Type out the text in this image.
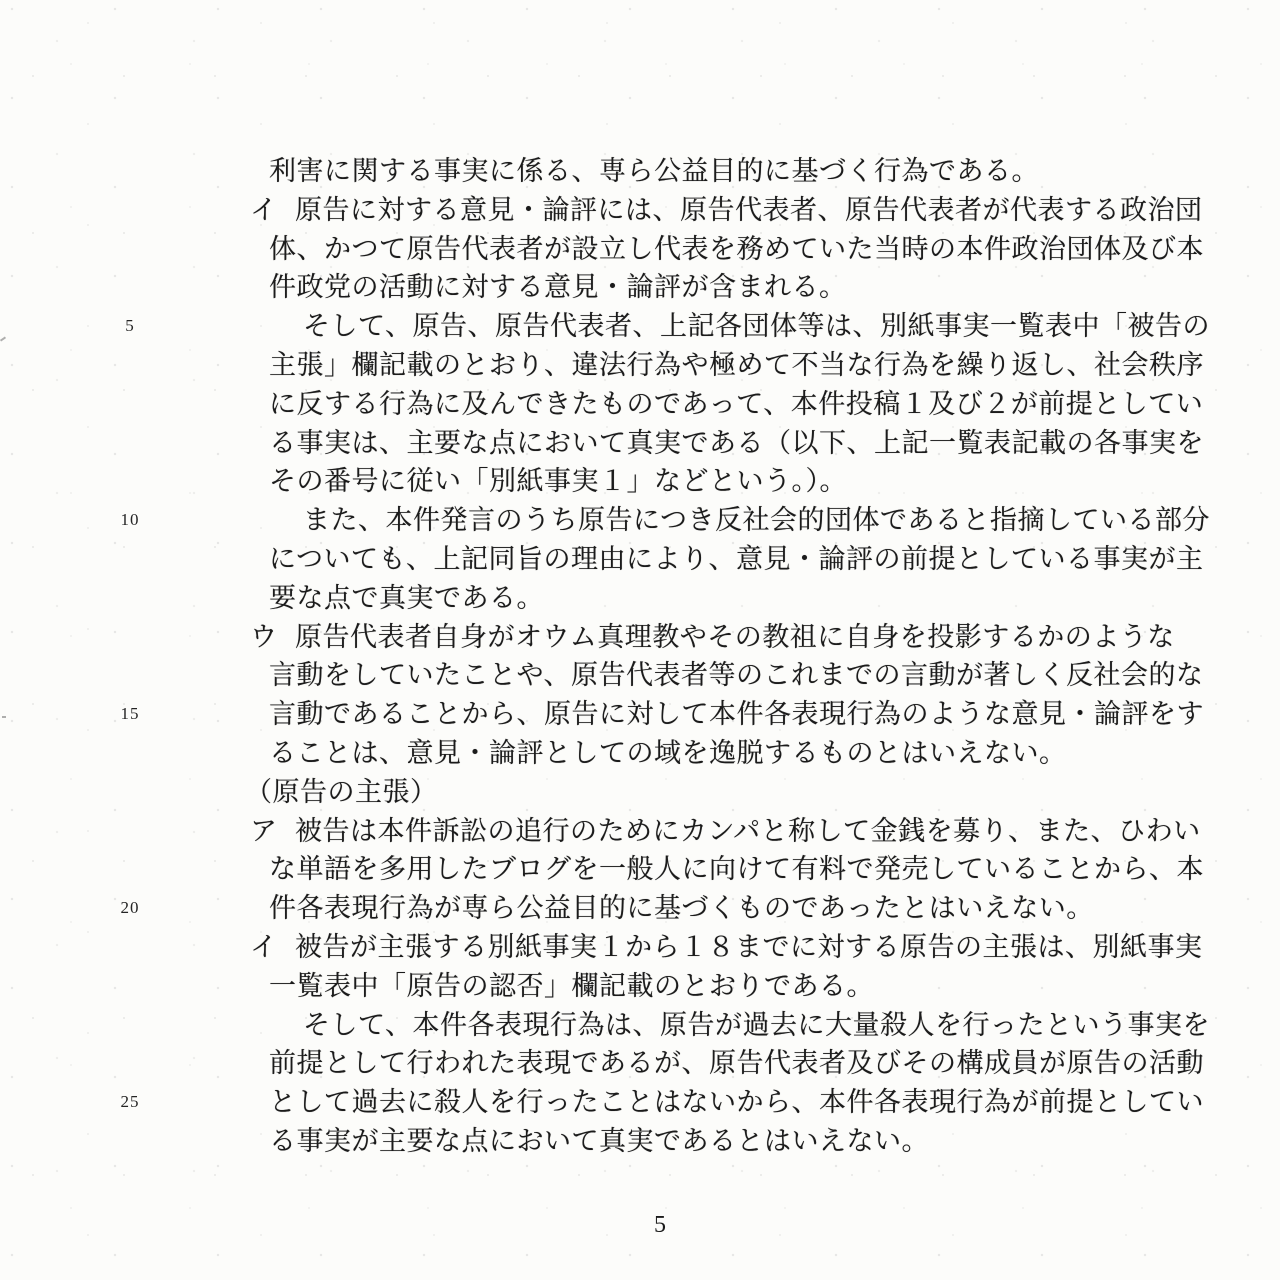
5
10
15
20
25
利害に関する事実に係る、専ら公益目的に基づく行為である。
イ 原告に対する意見・論評には、原告代表者、原告代表者が代表する政治団
体、かつて原告代表者が設立し代表を務めていた当時の本件政治団体及び本
件政党の活動に対する意見・論評が含まれる。
そして、原告、原告代表者、上記各団体等は、別紙事実一覧表中「被告の
主張」欄記載のとおり、違法行為や極めて不当な行為を繰り返し、社会秩序
に反する行為に及んできたものであって、本件投稿１及び２が前提としてい
る事実は、主要な点において真実である（以下、上記一覧表記載の各事実を
その番号に従い「別紙事実１」などという。）。
また、本件発言のうち原告につき反社会的団体であると指摘している部分
についても、上記同旨の理由により、意見・論評の前提としている事実が主
要な点で真実である。
ウ 原告代表者自身がオウム真理教やその教祖に自身を投影するかのような
言動をしていたことや、原告代表者等のこれまでの言動が著しく反社会的な
言動であることから、原告に対して本件各表現行為のような意見・論評をす
ることは、意見・論評としての域を逸脱するものとはいえない。
（原告の主張）
ア 被告は本件訴訟の追行のためにカンパと称して金銭を募り、また、ひわい
な単語を多用したブログを一般人に向けて有料で発売していることから、本
件各表現行為が専ら公益目的に基づくものであったとはいえない。
イ 被告が主張する別紙事実１から１８までに対する原告の主張は、別紙事実
一覧表中「原告の認否」欄記載のとおりである。
そして、本件各表現行為は、原告が過去に大量殺人を行ったという事実を
前提として行われた表現であるが、原告代表者及びその構成員が原告の活動
として過去に殺人を行ったことはないから、本件各表現行為が前提としてい
る事実が主要な点において真実であるとはいえない。
5
